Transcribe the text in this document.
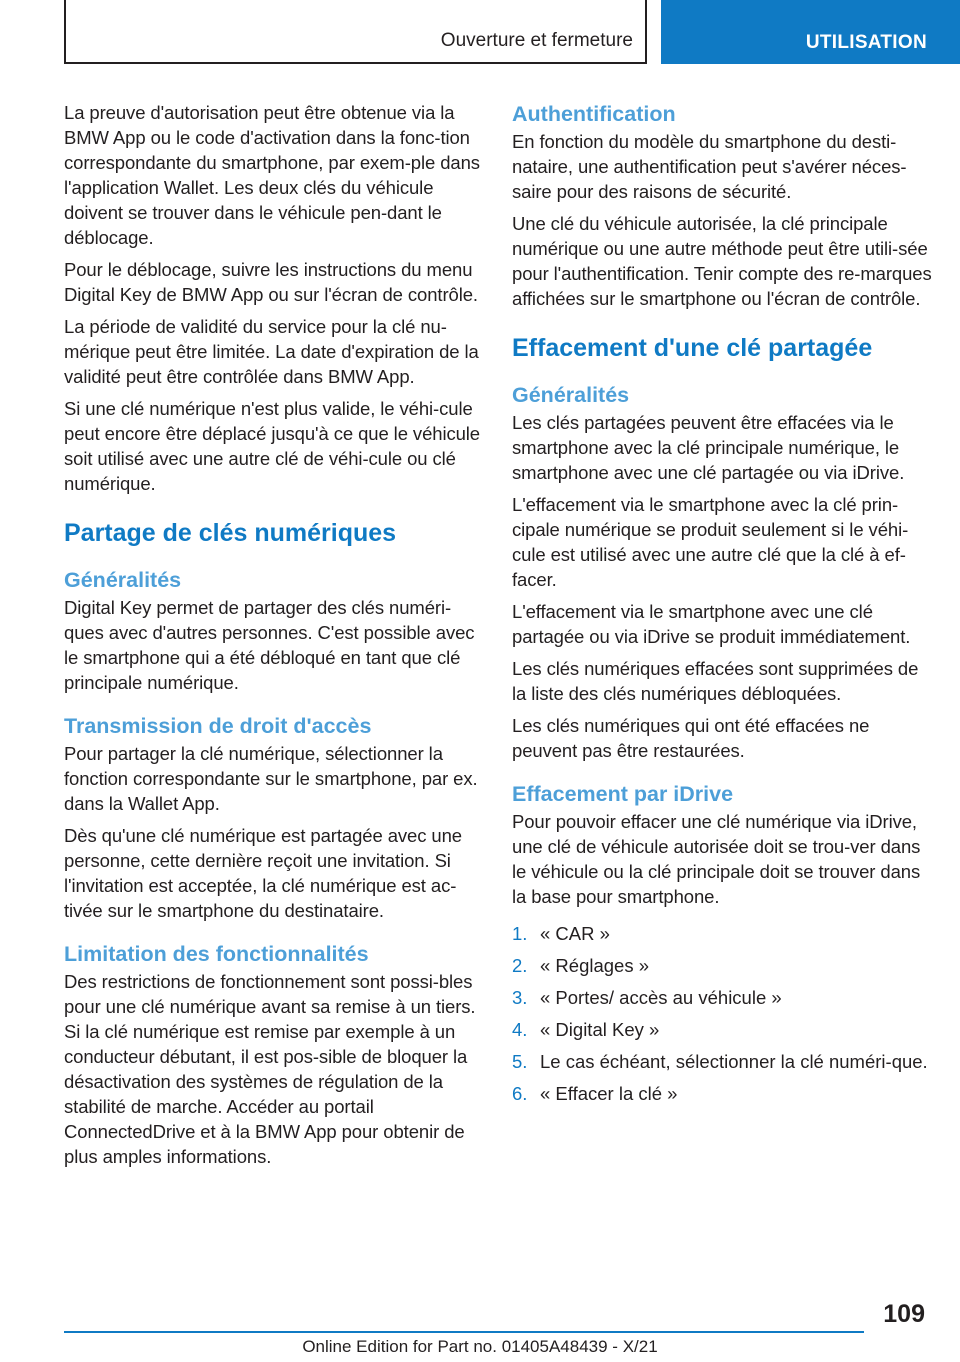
Ouverture et fermeture	UTILISATION

La preuve d'autorisation peut être obtenue via la BMW App ou le code d'activation dans la fonc-tion correspondante du smartphone, par exem-ple dans l'application Wallet. Les deux clés du véhicule doivent se trouver dans le véhicule pen-dant le déblocage.

Pour le déblocage, suivre les instructions du menu Digital Key de BMW App ou sur l'écran de contrôle.

La période de validité du service pour la clé nu-mérique peut être limitée. La date d'expiration de la validité peut être contrôlée dans BMW App.

Si une clé numérique n'est plus valide, le véhi-cule peut encore être déplacé jusqu'à ce que le véhicule soit utilisé avec une autre clé de véhi-cule ou clé numérique.

Partage de clés numériques
Généralités

Digital Key permet de partager des clés numéri-ques avec d'autres personnes. C'est possible avec le smartphone qui a été débloqué en tant que clé principale numérique.

Transmission de droit d'accès

Pour partager la clé numérique, sélectionner la fonction correspondante sur le smartphone, par ex. dans la Wallet App.

Dès qu'une clé numérique est partagée avec une personne, cette dernière reçoit une invitation. Si l'invitation est acceptée, la clé numérique est ac-tivée sur le smartphone du destinataire.

Limitation des fonctionnalités

Des restrictions de fonctionnement sont possi-bles pour une clé numérique avant sa remise à un tiers. Si la clé numérique est remise par exemple à un conducteur débutant, il est pos-sible de bloquer la désactivation des systèmes de régulation de la stabilité de marche. Accéder au portail ConnectedDrive et à la BMW App pour obtenir de plus amples informations.

Authentification

En fonction du modèle du smartphone du desti-nataire, une authentification peut s'avérer néces-saire pour des raisons de sécurité.

Une clé du véhicule autorisée, la clé principale numérique ou une autre méthode peut être utili-sée pour l'authentification. Tenir compte des re-marques affichées sur le smartphone ou l'écran de contrôle.

Effacement d'une clé partagée
Généralités

Les clés partagées peuvent être effacées via le smartphone avec la clé principale numérique, le smartphone avec une clé partagée ou via iDrive.

L'effacement via le smartphone avec la clé prin-cipale numérique se produit seulement si le véhi-cule est utilisé avec une autre clé que la clé à ef-facer.

L'effacement via le smartphone avec une clé partagée ou via iDrive se produit immédiatement.

Les clés numériques effacées sont supprimées de la liste des clés numériques débloquées.

Les clés numériques qui ont été effacées ne peuvent pas être restaurées.

Effacement par iDrive

Pour pouvoir effacer une clé numérique via iDrive, une clé de véhicule autorisée doit se trou-ver dans le véhicule ou la clé principale doit se trouver dans la base pour smartphone.

1. « CAR »
2. « Réglages »
3. « Portes/ accès au véhicule »
4. « Digital Key »
5. Le cas échéant, sélectionner la clé numéri-que.
6. « Effacer la clé »
109
Online Edition for Part no. 01405A48439 - X/21
